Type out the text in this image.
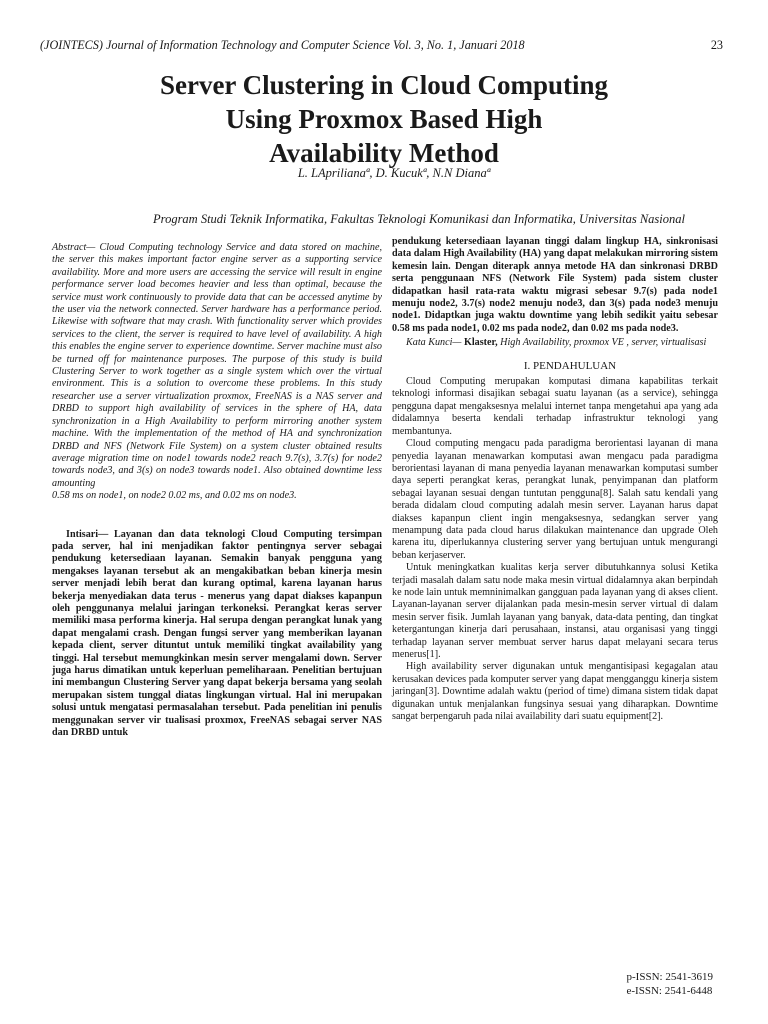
(JOINTECS) Journal of Information Technology and Computer Science Vol. 3, No. 1, Januari 2018	23
Server Clustering in Cloud Computing
Using Proxmox Based High
Availability Method
L. LAprilianaª, D. Kucukª, N.N Dianaª
Program Studi Teknik Informatika, Fakultas Teknologi Komunikasi dan Informatika, Universitas Nasional

Abstract— Cloud Computing technology Service and data stored on machine, the server this makes important factor engine server as a supporting service availability. More and more users are accessing the service will result in engine performance server load becomes heavier and less than optimal, because the service must work continuously to provide data that can be accessed anytime by the user via the network connected. Server hardware has a performance period. Likewise with software that may crash. With functionality server which provides services to the client, the server is required to have level of availability. A high this enables the engine server to experience downtime. Server machine must also be turned off for maintenance purposes. The purpose of this study is build Clustering Server to work together as a single system which over the virtual environment. This is a solution to overcome these problems. In this study researcher use a server virtualization proxmox, FreeNAS is a NAS server and DRBD to support high availability of services in the sphere of HA, data synchronization in a High Availability to perform mirroring another system machine. With the implementation of the method of HA and synchronization DRBD and NFS (Network File System) on a system cluster obtained results average migration time on node1 towards node2 reach 9.7(s), 3.7(s) for node2 towards node3, and 3(s) on node3 towards node1. Also obtained downtime less amounting

0.58 ms on node1, on node2 0.02 ms, and 0.02 ms on node3.

Intisari— Layanan dan data teknologi Cloud Computing tersimpan pada server, hal ini menjadikan faktor pentingnya server sebagai pendukung ketersediaan layanan. Semakin banyak pengguna yang mengakses layanan tersebut ak an mengakibatkan beban kinerja mesin server menjadi lebih berat dan kurang optimal, karena layanan harus bekerja menyediakan data terus - menerus yang dapat diakses kapanpun oleh penggunanya melalui jaringan terkoneksi. Perangkat keras server memiliki masa performa kinerja. Hal serupa dengan perangkat lunak yang dapat mengalami crash. Dengan fungsi server yang memberikan layanan kepada client, server dituntut untuk memiliki tingkat availability yang tinggi. Hal tersebut memungkinkan mesin server mengalami down. Server juga harus dimatikan untuk keperluan pemeliharaan. Penelitian bertujuan ini membangun Clustering Server yang dapat bekerja bersama yang seolah merupakan sistem tunggal diatas lingkungan virtual. Hal ini merupakan solusi untuk mengatasi permasalahan tersebut. Pada penelitian ini penulis menggunakan server vir tualisasi proxmox, FreeNAS sebagai server NAS dan DRBD untuk

pendukung ketersediaan layanan tinggi dalam lingkup HA, sinkronisasi data dalam High Availability (HA) yang dapat melakukan mirroring sistem kemesin lain. Dengan diterapk annya metode HA dan sinkronasi DRBD serta penggunaan NFS (Network File System) pada sistem cluster didapatkan hasil rata-rata waktu migrasi sebesar 9.7(s) pada node1 menuju node2, 3.7(s) node2 menuju node3, dan 3(s) pada node3 menuju node1. Didaptkan juga waktu downtime yang lebih sedikit yaitu sebesar 0.58 ms pada node1, 0.02 ms pada node2, dan 0.02 ms pada node3.

Kata Kunci— Klaster, High Availability, proxmox VE , server, virtualisasi

I. PENDAHULUAN

Cloud Computing merupakan komputasi dimana kapabilitas terkait teknologi informasi disajikan sebagai suatu layanan (as a service), sehingga pengguna dapat mengaksesnya melalui internet tanpa mengetahui apa yang ada didalamnya beserta kendali terhadap infrastruktur teknologi yang membantunya.

Cloud computing mengacu pada paradigma berorientasi layanan di mana penyedia layanan menawarkan komputasi awan mengacu pada paradigma berorientasi layanan di mana penyedia layanan menawarkan komputasi sumber daya seperti perangkat keras, perangkat lunak, penyimpanan dan platform sebagai layanan sesuai dengan tuntutan pengguna[8]. Salah satu kendali yang berada didalam cloud computing adalah mesin server. Layanan harus dapat diakses kapanpun client ingin mengaksesnya, sedangkan server yang menampung data pada cloud harus dilakukan maintenance dan upgrade Oleh karena itu, diperlukannya clustering server yang bertujuan untuk mengurangi beban kerjaserver.

Untuk meningkatkan kualitas kerja server dibutuhkannya solusi Ketika terjadi masalah dalam satu node maka mesin virtual didalamnya akan berpindah ke node lain untuk memninimalkan gangguan pada layanan yang di akses client. Layanan-layanan server dijalankan pada mesin-mesin server virtual di dalam mesin server fisik. Jumlah layanan yang banyak, data-data penting, dan tingkat ketergantungan kinerja dari perusahaan, instansi, atau organisasi yang tinggi terhadap layanan server membuat server harus dapat melayani secara terus menerus[1].

High availability server digunakan untuk mengantisipasi kegagalan atau kerusakan devices pada komputer server yang dapat mengganggu kinerja sistem jaringan[3]. Downtime adalah waktu (period of time) dimana sistem tidak dapat digunakan untuk menjalankan fungsinya sesuai yang diharapkan. Downtime sangat berpengaruh pada nilai availability dari suatu equipment[2].

p-ISSN: 2541-3619
e-ISSN: 2541-6448
